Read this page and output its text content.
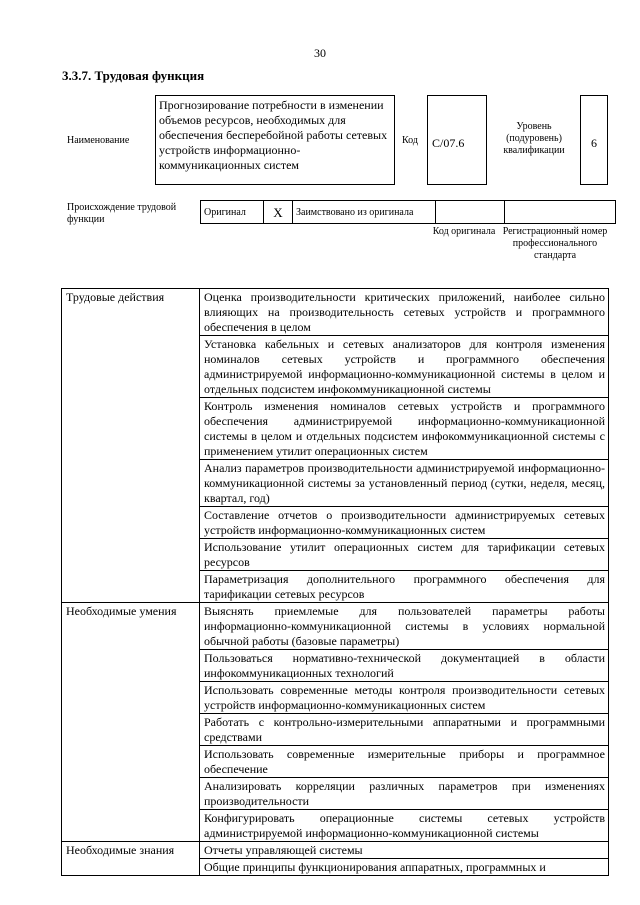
30
3.3.7. Трудовая функция
Наименование
Прогнозирование потребности в изменении объемов ресурсов, необходимых для обеспечения бесперебойной работы сетевых устройств информационно-коммуникационных систем
Код	C/07.6
Уровень (подуровень) квалификации
6
Происхождение трудовой функции
Оригинал	X	Заимствовано из оригинала		
Код оригинала Регистрационный номер профессионального стандарта
Трудовые действия	Оценка производительности критических приложений, наиболее сильно влияющих на производительность сетевых устройств и программного обеспечения в целом
	Установка кабельных и сетевых анализаторов для контроля изменения номиналов сетевых устройств и программного обеспечения администрируемой информационно-коммуникационной системы в целом и отдельных подсистем инфокоммуникационной системы
	Контроль изменения номиналов сетевых устройств и программного обеспечения администрируемой информационно-коммуникационной системы в целом и отдельных подсистем инфокоммуникационной системы с применением утилит операционных систем
	Анализ параметров производительности администрируемой информационно-коммуникационной системы за установленный период (сутки, неделя, месяц, квартал, год)
	Составление отчетов о производительности администрируемых сетевых устройств информационно-коммуникационных систем
	Использование утилит операционных систем для тарификации сетевых ресурсов
	Параметризация дополнительного программного обеспечения для тарификации сетевых ресурсов
Необходимые умения	Выяснять приемлемые для пользователей параметры работы информационно-коммуникационной системы в условиях нормальной обычной работы (базовые параметры)
	Пользоваться нормативно-технической документацией в области инфокоммуникационных технологий
	Использовать современные методы контроля производительности сетевых устройств информационно-коммуникационных систем
	Работать с контрольно-измерительными аппаратными и программными средствами
	Использовать современные измерительные приборы и программное обеспечение
	Анализировать корреляции различных параметров при изменениях производительности
	Конфигурировать операционные системы сетевых устройств администрируемой информационно-коммуникационной системы
Необходимые знания	Отчеты управляющей системы
	Общие принципы функционирования аппаратных, программных и
